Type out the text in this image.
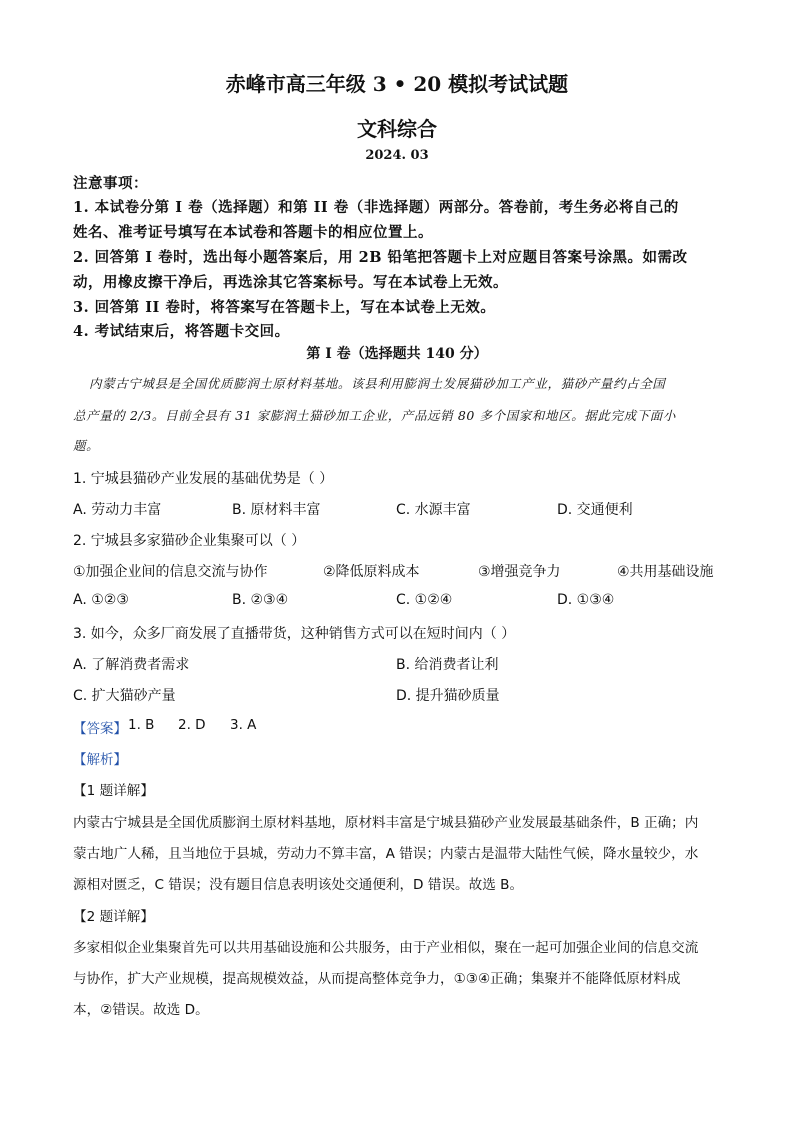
赤峰市高三年级 3 • 20 模拟考试试题
文科综合
2024. 03
注意事项：
1. 本试卷分第 I 卷（选择题）和第 II 卷（非选择题）两部分。答卷前，考生务必将自己的
姓名、准考证号填写在本试卷和答题卡的相应位置上。
2. 回答第 I 卷时，选出每小题答案后，用 2B 铅笔把答题卡上对应题目答案号涂黑。如需改
动，用橡皮擦干净后，再选涂其它答案标号。写在本试卷上无效。
3. 回答第 II 卷时，将答案写在答题卡上，写在本试卷上无效。
4. 考试结束后，将答题卡交回。
第 I 卷（选择题共 140 分）
内蒙古宁城县是全国优质膨润土原材料基地。该县利用膨润土发展猫砂加工产业，猫砂产量约占全国
总产量的 2/3。目前全县有 31 家膨润土猫砂加工企业，产品远销 80 多个国家和地区。据此完成下面小
题。
1. 宁城县猫砂产业发展的基础优势是（ ）
A. 劳动力丰富	B. 原材料丰富	C. 水源丰富	D. 交通便利
2. 宁城县多家猫砂企业集聚可以（ ）
①加强企业间的信息交流与协作	②降低原料成本	③增强竞争力	④共用基础设施
A. ①②③	B. ②③④	C. ①②④	D. ①③④
3. 如今，众多厂商发展了直播带货，这种销售方式可以在短时间内（ ）
A. 了解消费者需求	B. 给消费者让利
C. 扩大猫砂产量	D. 提升猫砂质量
【答案】 1. B 2. D 3. A
【解析】
【1 题详解】
内蒙古宁城县是全国优质膨润土原材料基地，原材料丰富是宁城县猫砂产业发展最基础条件，B 正确；内
蒙古地广人稀，且当地位于县城，劳动力不算丰富，A 错误；内蒙古是温带大陆性气候，降水量较少，水
源相对匮乏，C 错误；没有题目信息表明该处交通便利，D 错误。故选 B。
【2 题详解】
多家相似企业集聚首先可以共用基础设施和公共服务，由于产业相似，聚在一起可加强企业间的信息交流
与协作，扩大产业规模，提高规模效益，从而提高整体竞争力，①③④正确；集聚并不能降低原材料成
本，②错误。故选 D。
